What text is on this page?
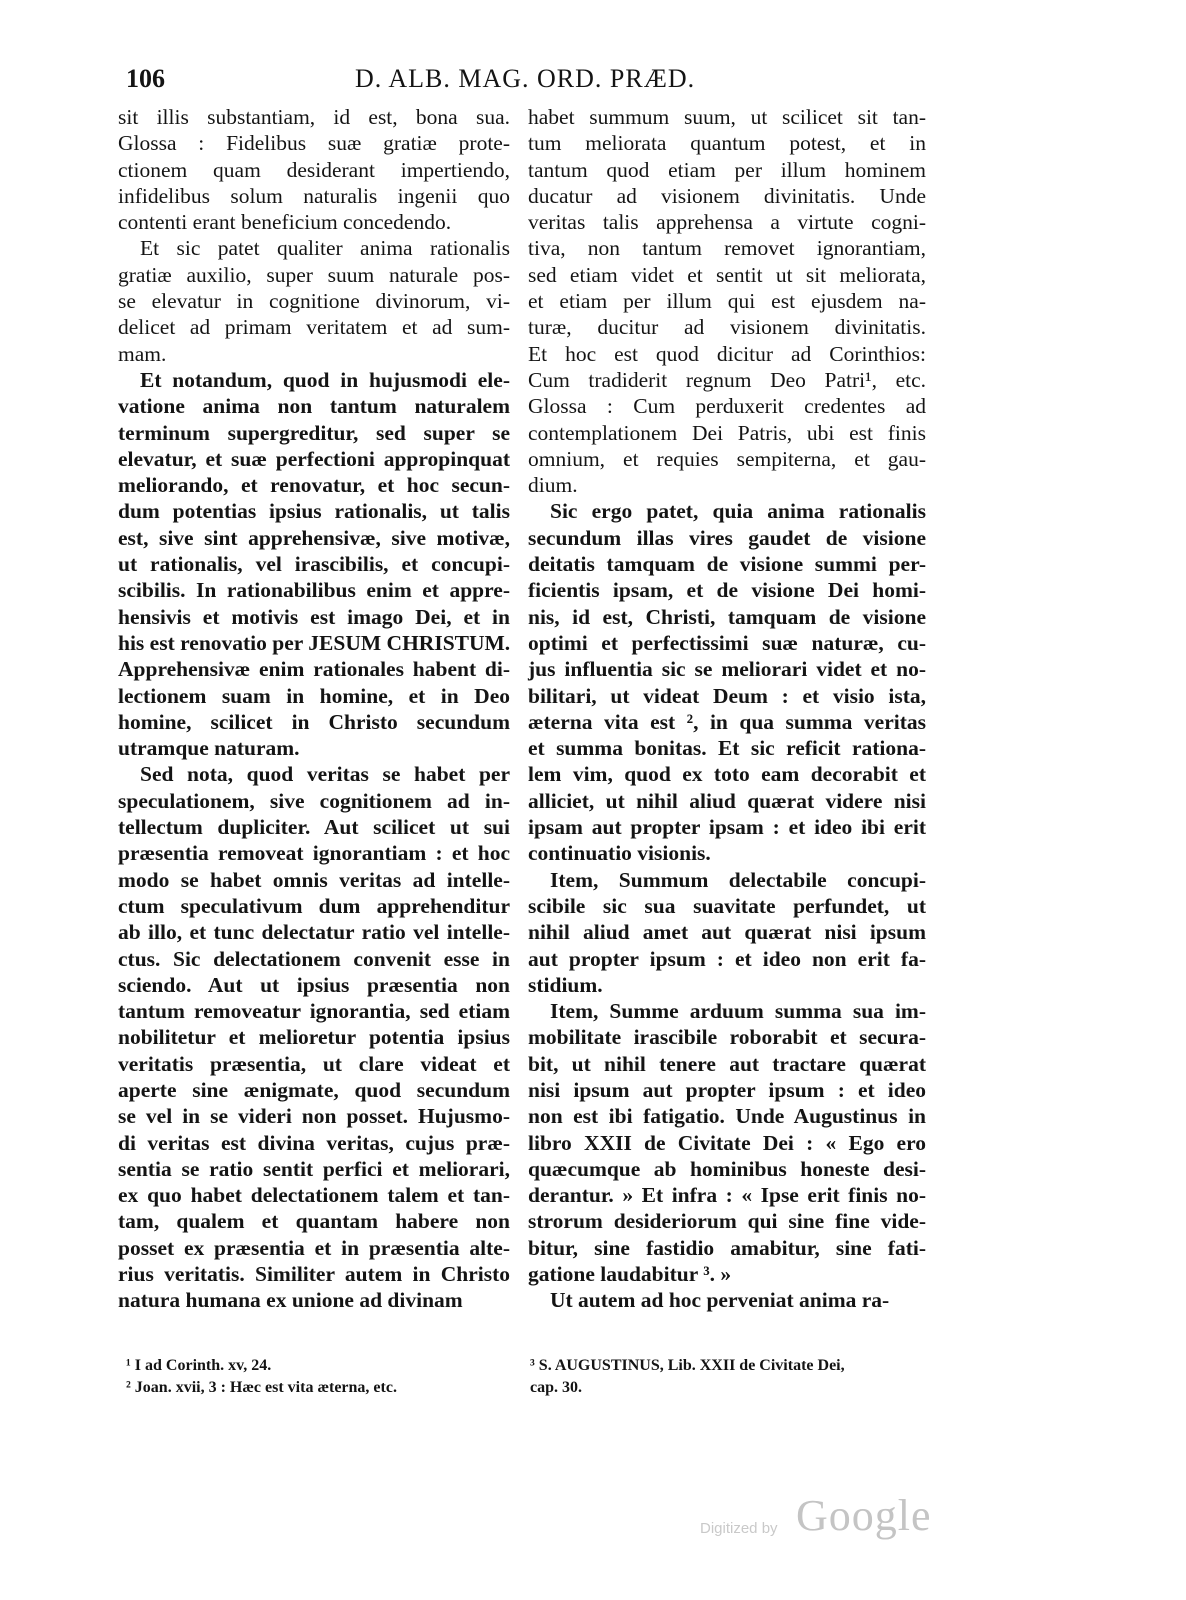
106	D. ALB. MAG. ORD. PRÆD.
sit illis substantiam, id est, bona sua.
Glossa : Fidelibus suæ gratiæ prote-
ctionem quam desiderant impertiendo,
infidelibus solum naturalis ingenii quo
contenti erant beneficium concedendo.
Et sic patet qualiter anima rationalis
gratiæ auxilio, super suum naturale pos-
se elevatur in cognitione divinorum, vi-
delicet ad primam veritatem et ad sum-
mam.
Et notandum, quod in hujusmodi ele-
vatione anima non tantum naturalem
terminum supergreditur, sed super se
elevatur, et suæ perfectioni appropinquat
meliorando, et renovatur, et hoc secun-
dum potentias ipsius rationalis, ut talis
est, sive sint apprehensivæ, sive motivæ,
ut rationalis, vel irascibilis, et concupi-
scibilis. In rationabilibus enim et appre-
hensivis et motivis est imago Dei, et in
his est renovatio per JESUM CHRISTUM.
Apprehensivæ enim rationales habent di-
lectionem suam in homine, et in Deo
homine, scilicet in Christo secundum
utramque naturam.
Sed nota, quod veritas se habet per
speculationem, sive cognitionem ad in-
tellectum dupliciter. Aut scilicet ut sui
præsentia removeat ignorantiam : et hoc
modo se habet omnis veritas ad intelle-
ctum speculativum dum apprehenditur
ab illo, et tunc delectatur ratio vel intelle-
ctus. Sic delectationem convenit esse in
sciendo. Aut ut ipsius præsentia non
tantum removeatur ignorantia, sed etiam
nobilitetur et melioretur potentia ipsius
veritatis præsentia, ut clare videat et
aperte sine ænigmate, quod secundum
se vel in se videri non posset. Hujusmo-
di veritas est divina veritas, cujus præ-
sentia se ratio sentit perfici et meliorari,
ex quo habet delectationem talem et tan-
tam, qualem et quantam habere non
posset ex præsentia et in præsentia alte-
rius veritatis. Similiter autem in Christo
natura humana ex unione ad divinam
habet summum suum, ut scilicet sit tan-
tum meliorata quantum potest, et in
tantum quod etiam per illum hominem
ducatur ad visionem divinitatis. Unde
veritas talis apprehensa a virtute cogni-
tiva, non tantum removet ignorantiam,
sed etiam videt et sentit ut sit meliorata,
et etiam per illum qui est ejusdem na-
turæ, ducitur ad visionem divinitatis.
Et hoc est quod dicitur ad Corinthios:
Cum tradiderit regnum Deo Patri¹, etc.
Glossa : Cum perduxerit credentes ad
contemplationem Dei Patris, ubi est finis
omnium, et requies sempiterna, et gau-
dium.
Sic ergo patet, quia anima rationalis
secundum illas vires gaudet de visione
deitatis tamquam de visione summi per-
ficientis ipsam, et de visione Dei homi-
nis, id est, Christi, tamquam de visione
optimi et perfectissimi suæ naturæ, cu-
jus influentia sic se meliorari videt et no-
bilitari, ut videat Deum : et visio ista,
æterna vita est ², in qua summa veritas
et summa bonitas. Et sic reficit rationa-
lem vim, quod ex toto eam decorabit et
alliciet, ut nihil aliud quærat videre nisi
ipsam aut propter ipsam : et ideo ibi erit
continuatio visionis.
Item, Summum delectabile concupi-
scibile sic sua suavitate perfundet, ut
nihil aliud amet aut quærat nisi ipsum
aut propter ipsum : et ideo non erit fa-
stidium.
Item, Summe arduum summa sua im-
mobilitate irascibile roborabit et secura-
bit, ut nihil tenere aut tractare quærat
nisi ipsum aut propter ipsum : et ideo
non est ibi fatigatio. Unde Augustinus in
libro XXII de Civitate Dei : « Ego ero
quæcumque ab hominibus honeste desi-
derantur. » Et infra : « Ipse erit finis no-
strorum desideriorum qui sine fine vide-
bitur, sine fastidio amabitur, sine fati-
gatione laudabitur ³. »
Ut autem ad hoc perveniat anima ra-
¹ I ad Corinth. xv, 24.
² Joan. xvii, 3 : Hæc est vita æterna, etc.
³ S. AUGUSTINUS, Lib. XXII de Civitate Dei,
cap. 30.
Digitized by Google
